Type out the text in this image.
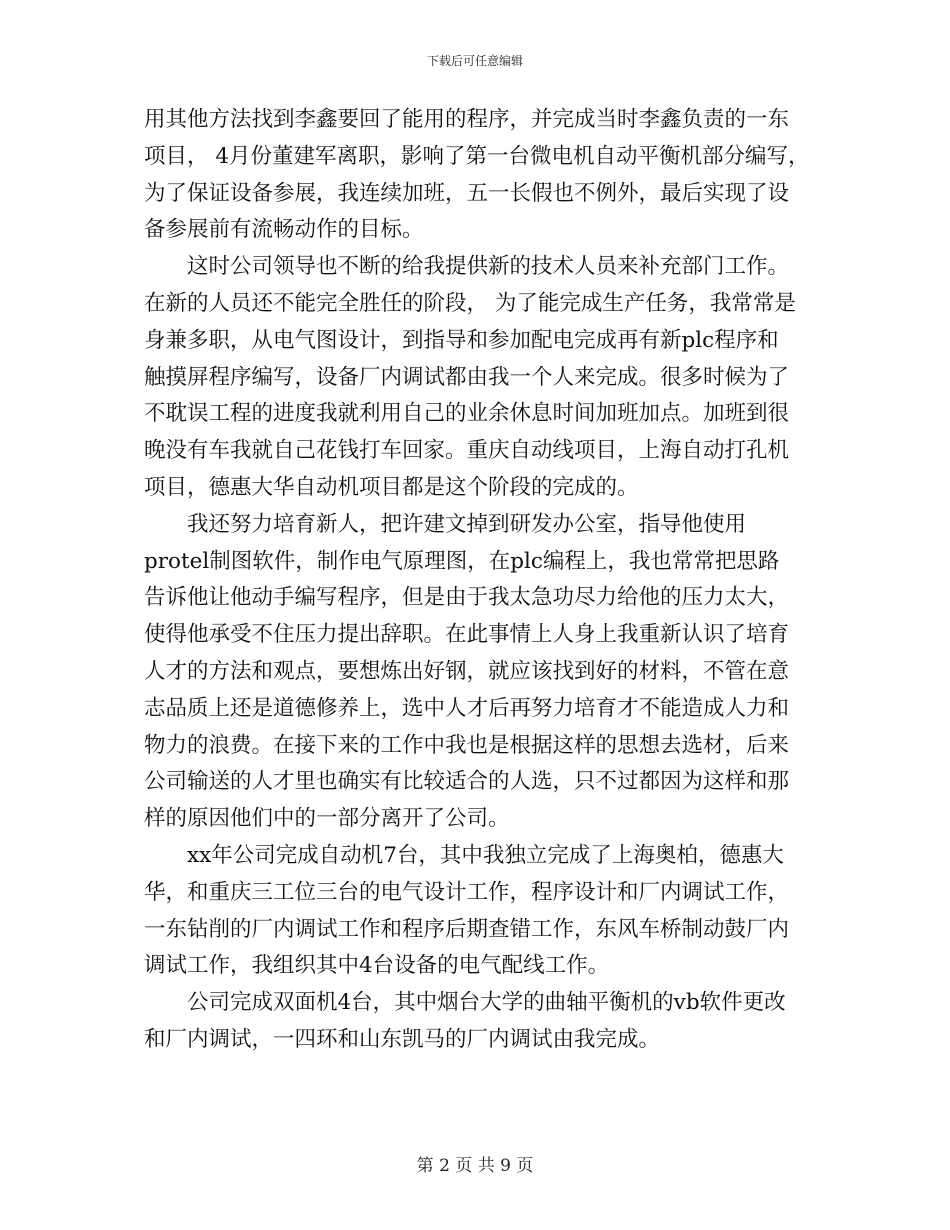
下载后可任意编辑
用其他方法找到李鑫要回了能用的程序，并完成当时李鑫负责的一东
项目， 4月份董建军离职，影响了第一台微电机自动平衡机部分编写，
为了保证设备参展，我连续加班，五一长假也不例外，最后实现了设
备参展前有流畅动作的目标。
这时公司领导也不断的给我提供新的技术人员来补充部门工作。
在新的人员还不能完全胜任的阶段， 为了能完成生产任务，我常常是
身兼多职，从电气图设计，到指导和参加配电完成再有新plc程序和
触摸屏程序编写，设备厂内调试都由我一个人来完成。很多时候为了
不耽误工程的进度我就利用自己的业余休息时间加班加点。加班到很
晚没有车我就自己花钱打车回家。重庆自动线项目，上海自动打孔机
项目，德惠大华自动机项目都是这个阶段的完成的。
我还努力培育新人，把许建文掉到研发办公室，指导他使用
protel制图软件，制作电气原理图，在plc编程上，我也常常把思路
告诉他让他动手编写程序，但是由于我太急功尽力给他的压力太大，
使得他承受不住压力提出辞职。在此事情上人身上我重新认识了培育
人才的方法和观点，要想炼出好钢，就应该找到好的材料，不管在意
志品质上还是道德修养上，选中人才后再努力培育才不能造成人力和
物力的浪费。在接下来的工作中我也是根据这样的思想去选材，后来
公司输送的人才里也确实有比较适合的人选，只不过都因为这样和那
样的原因他们中的一部分离开了公司。
xx年公司完成自动机7台，其中我独立完成了上海奥柏，德惠大
华，和重庆三工位三台的电气设计工作，程序设计和厂内调试工作，
一东钻削的厂内调试工作和程序后期查错工作，东风车桥制动鼓厂内
调试工作，我组织其中4台设备的电气配线工作。
公司完成双面机4台，其中烟台大学的曲轴平衡机的vb软件更改
和厂内调试，一四环和山东凯马的厂内调试由我完成。
第 2 页 共 9 页
